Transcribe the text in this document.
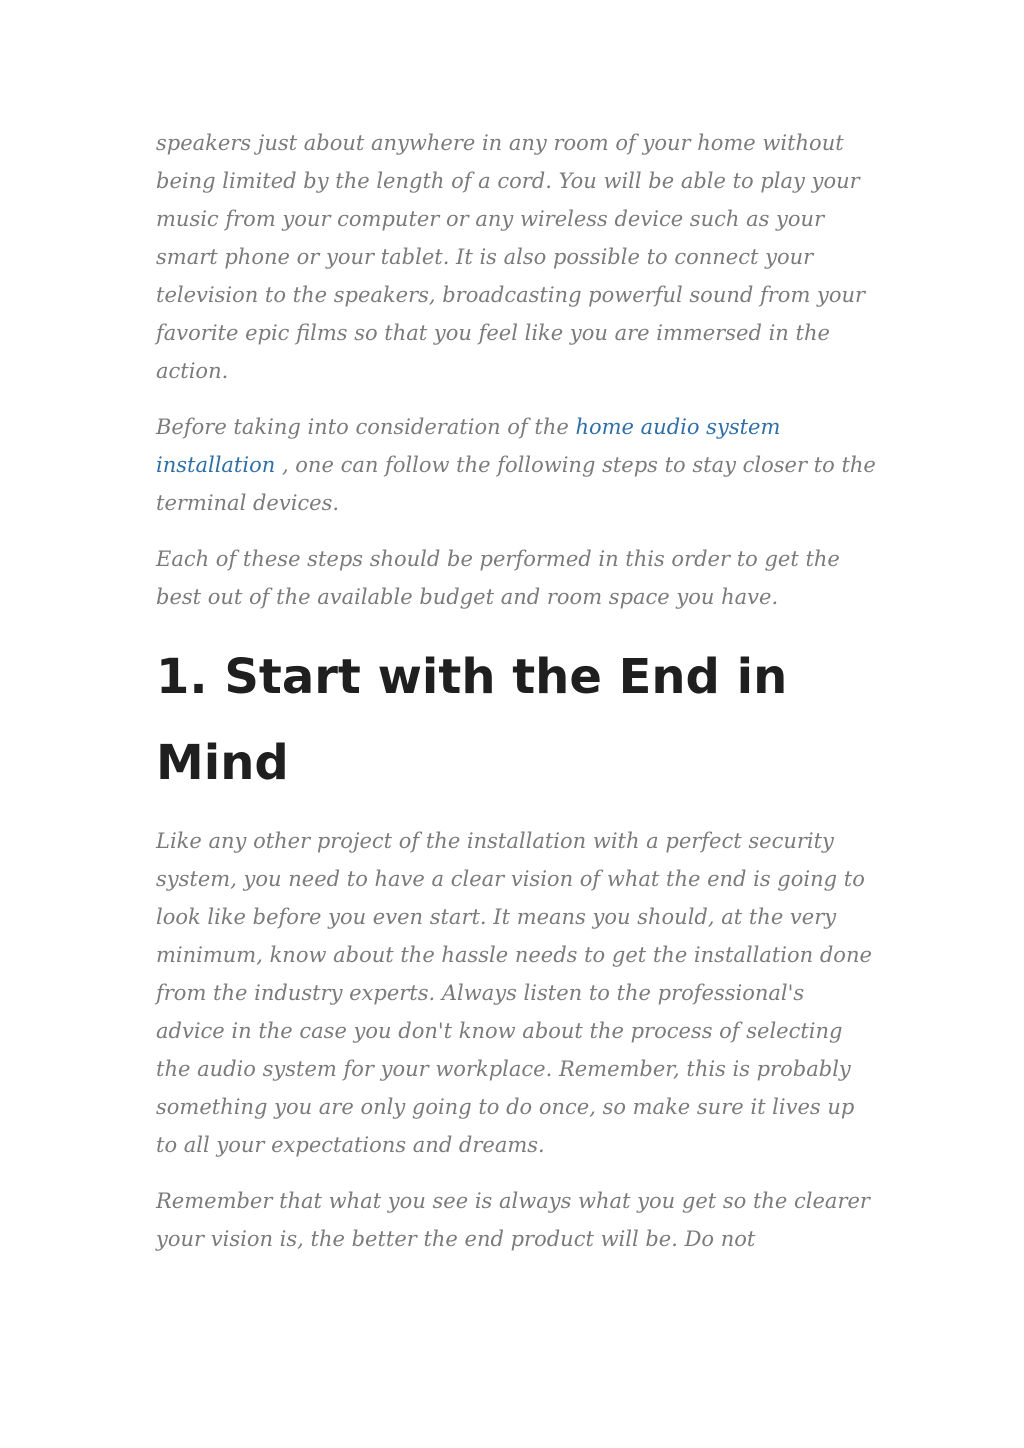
speakers just about anywhere in any room of your home without being limited by the length of a cord. You will be able to play your music from your computer or any wireless device such as your smart phone or your tablet. It is also possible to connect your television to the speakers, broadcasting powerful sound from your favorite epic films so that you feel like you are immersed in the action.

Before taking into consideration of the home audio system installation , one can follow the following steps to stay closer to the terminal devices.

Each of these steps should be performed in this order to get the best out of the available budget and room space you have.

1. Start with the End in Mind

Like any other project of the installation with a perfect security system, you need to have a clear vision of what the end is going to look like before you even start. It means you should, at the very minimum, know about the hassle needs to get the installation done from the industry experts. Always listen to the professional's advice in the case you don't know about the process of selecting the audio system for your workplace. Remember, this is probably something you are only going to do once, so make sure it lives up to all your expectations and dreams.

Remember that what you see is always what you get so the clearer your vision is, the better the end product will be. Do not
